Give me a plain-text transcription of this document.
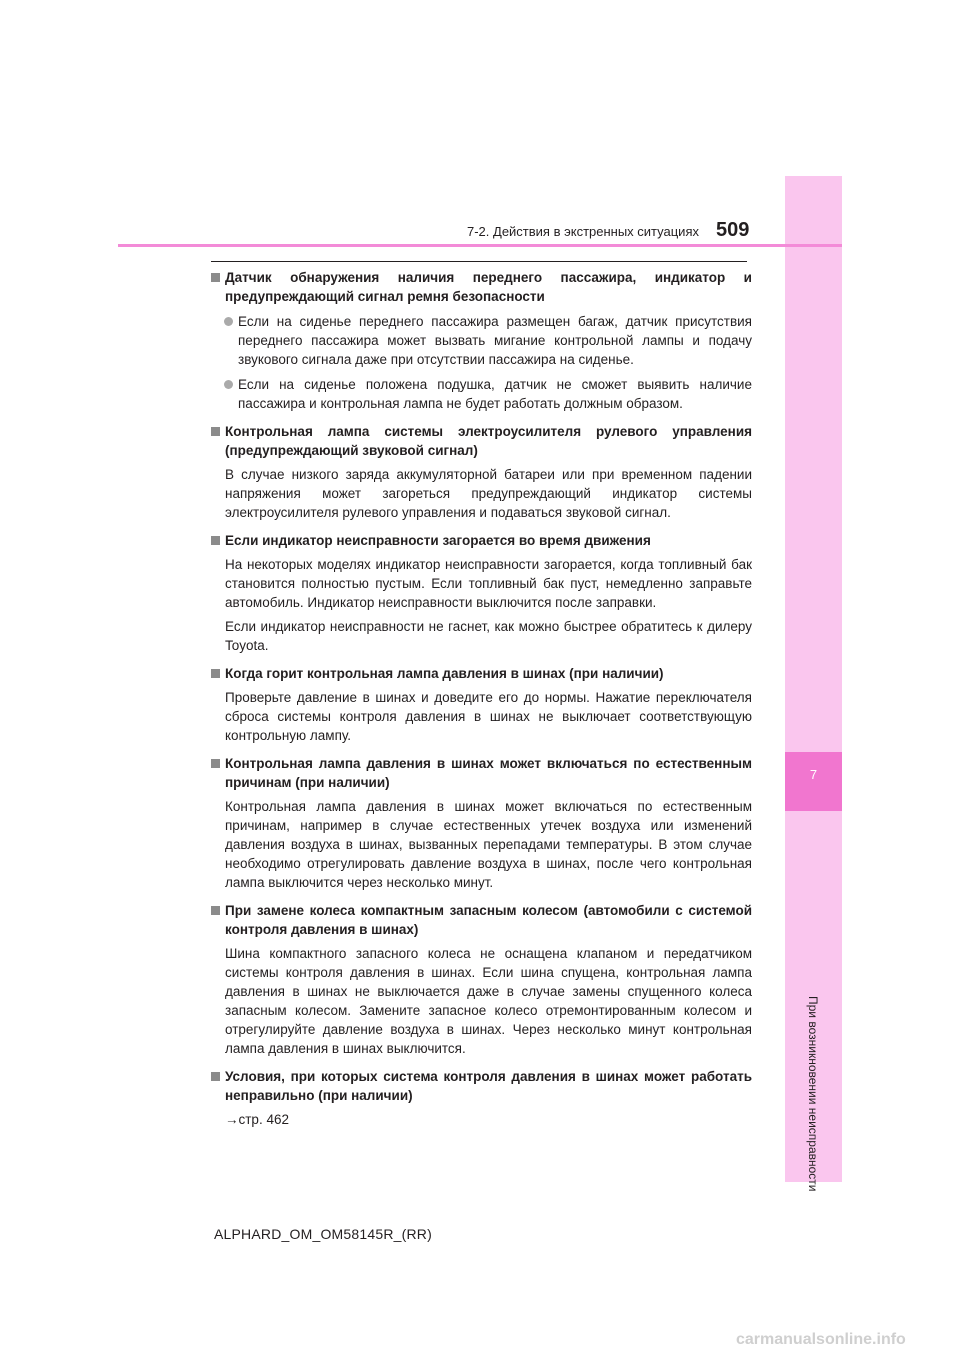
7
При возникновении неисправности
7-2. Действия в экстренных ситуациях 509
Датчик обнаружения наличия переднего пассажира, индикатор и предупреждающий сигнал ремня безопасности
Если на сиденье переднего пассажира размещен багаж, датчик присутствия переднего пассажира может вызвать мигание контрольной лампы и подачу звукового сигнала даже при отсутствии пассажира на сиденье.
Если на сиденье положена подушка, датчик не сможет выявить наличие пассажира и контрольная лампа не будет работать должным образом.
Контрольная лампа системы электроусилителя рулевого управления (предупреждающий звуковой сигнал)
В случае низкого заряда аккумуляторной батареи или при временном падении напряжения может загореться предупреждающий индикатор системы электроусилителя рулевого управления и подаваться звуковой сигнал.
Если индикатор неисправности загорается во время движения
На некоторых моделях индикатор неисправности загорается, когда топливный бак становится полностью пустым. Если топливный бак пуст, немедленно заправьте автомобиль. Индикатор неисправности выключится после заправки.
Если индикатор неисправности не гаснет, как можно быстрее обратитесь к дилеру Toyota.
Когда горит контрольная лампа давления в шинах (при наличии)
Проверьте давление в шинах и доведите его до нормы. Нажатие переключателя сброса системы контроля давления в шинах не выключает соответствующую контрольную лампу.
Контрольная лампа давления в шинах может включаться по естественным причинам (при наличии)
Контрольная лампа давления в шинах может включаться по естественным причинам, например в случае естественных утечек воздуха или изменений давления воздуха в шинах, вызванных перепадами температуры. В этом случае необходимо отрегулировать давление воздуха в шинах, после чего контрольная лампа выключится через несколько минут.
При замене колеса компактным запасным колесом (автомобили с системой контроля давления в шинах)
Шина компактного запасного колеса не оснащена клапаном и передатчиком системы контроля давления в шинах. Если шина спущена, контрольная лампа давления в шинах не выключается даже в случае замены спущенного колеса запасным колесом. Замените запасное колесо отремонтированным колесом и отрегулируйте давление воздуха в шинах. Через несколько минут контрольная лампа давления в шинах выключится.
Условия, при которых система контроля давления в шинах может работать неправильно (при наличии)
→стр. 462
ALPHARD_OM_OM58145R_(RR)
carmanualsonline.info
